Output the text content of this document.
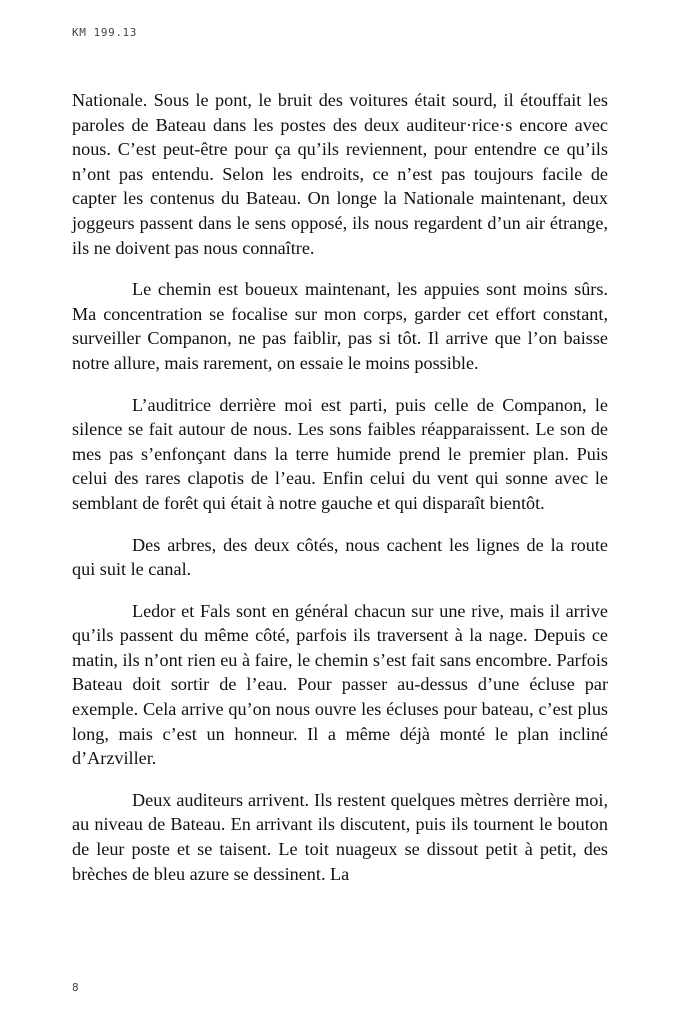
KM 199.13

Nationale. Sous le pont, le bruit des voitures était sourd, il étouffait les paroles de Bateau dans les postes des deux auditeur·rice·s encore avec nous. C’est peut-être pour ça qu’ils reviennent, pour entendre ce qu’ils n’ont pas entendu. Selon les endroits, ce n’est pas toujours facile de capter les contenus du Bateau. On longe la Nationale maintenant, deux joggeurs passent dans le sens opposé, ils nous regardent d’un air étrange, ils ne doivent pas nous connaître.

Le chemin est boueux maintenant, les appuies sont moins sûrs. Ma concentration se focalise sur mon corps, garder cet effort constant, surveiller Companon, ne pas faiblir, pas si tôt. Il arrive que l’on baisse notre allure, mais rarement, on essaie le moins possible.

L’auditrice derrière moi est parti, puis celle de Companon, le silence se fait autour de nous. Les sons faibles réapparaissent. Le son de mes pas s’enfonçant dans la terre humide prend le premier plan. Puis celui des rares clapotis de l’eau. Enfin celui du vent qui sonne avec le semblant de forêt qui était à notre gauche et qui disparaît bientôt.

Des arbres, des deux côtés, nous cachent les lignes de la route qui suit le canal.

Ledor et Fals sont en général chacun sur une rive, mais il arrive qu’ils passent du même côté, parfois ils traversent à la nage. Depuis ce matin, ils n’ont rien eu à faire, le chemin s’est fait sans encombre. Parfois Bateau doit sortir de l’eau. Pour passer au-dessus d’une écluse par exemple. Cela arrive qu’on nous ouvre les écluses pour bateau, c’est plus long, mais c’est un honneur. Il a même déjà monté le plan incliné d’Arzviller.

Deux auditeurs arrivent. Ils restent quelques mètres derrière moi, au niveau de Bateau. En arrivant ils discutent, puis ils tournent le bouton de leur poste et se taisent. Le toit nuageux se dissout petit à petit, des brèches de bleu azure se dessinent. La

8
